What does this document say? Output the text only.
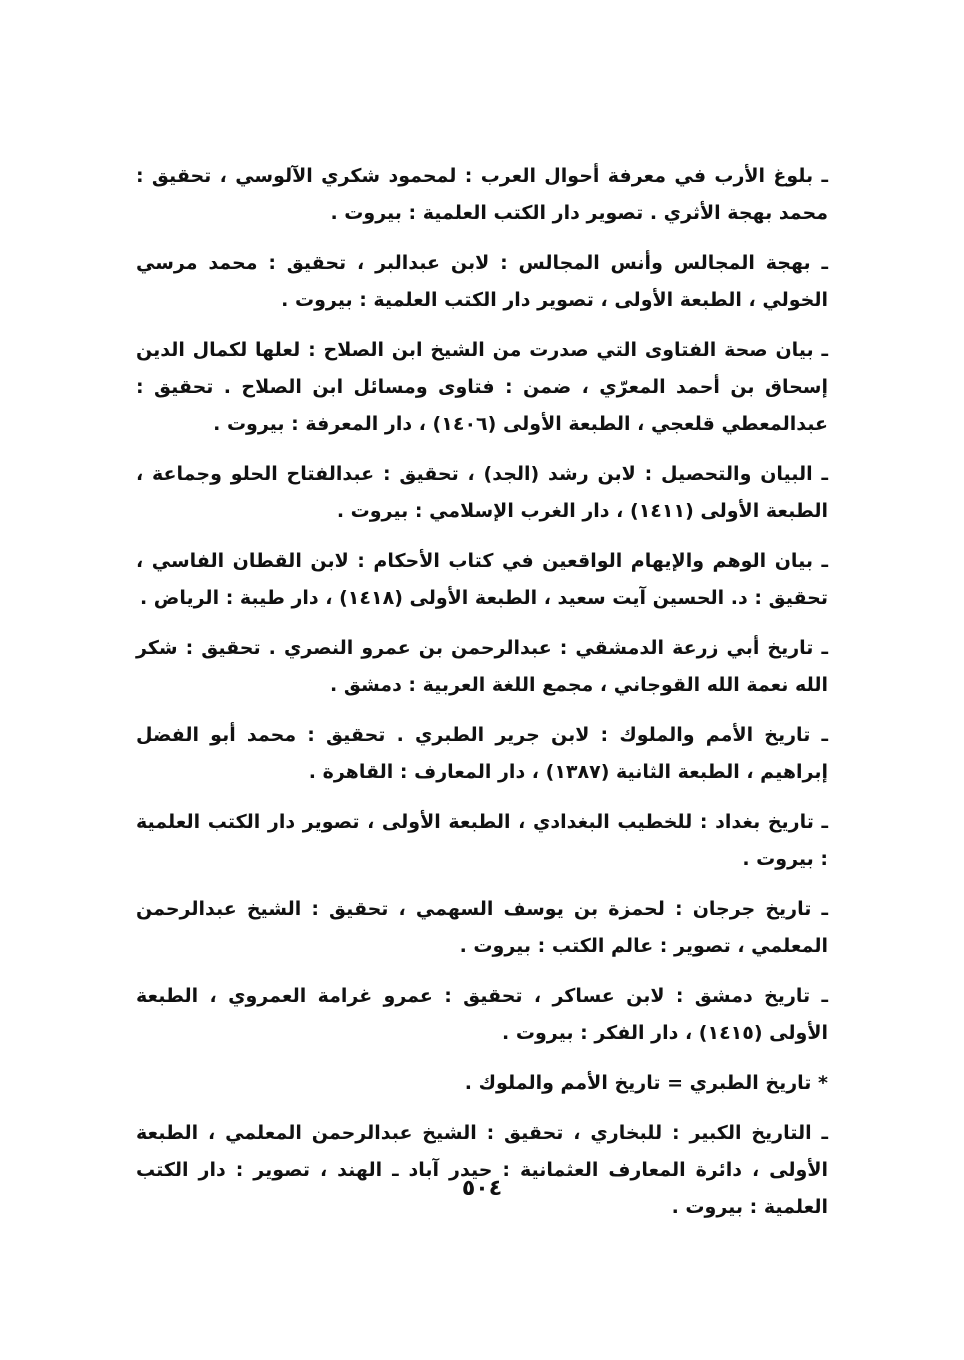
ـ بلوغ الأرب في معرفة أحوال العرب : لمحمود شكري الآلوسي ، تحقيق : محمد بهجة الأثري . تصوير دار الكتب العلمية : بيروت .

ـ بهجة المجالس وأنس المجالس : لابن عبدالبر ، تحقيق : محمد مرسي الخولي ، الطبعة الأولى ، تصوير دار الكتب العلمية : بيروت .

ـ بيان صحة الفتاوى التي صدرت من الشيخ ابن الصلاح : لعلها لكمال الدين إسحاق بن أحمد المعرّي ، ضمن : فتاوى ومسائل ابن الصلاح . تحقيق : عبدالمعطي قلعجي ، الطبعة الأولى (١٤٠٦) ، دار المعرفة : بيروت .

ـ البيان والتحصيل : لابن رشد (الجد) ، تحقيق : عبدالفتاح الحلو وجماعة ، الطبعة الأولى (١٤١١) ، دار الغرب الإسلامي : بيروت .

ـ بيان الوهم والإيهام الواقعين في كتاب الأحكام : لابن القطان الفاسي ، تحقيق : د. الحسين آيت سعيد ، الطبعة الأولى (١٤١٨) ، دار طيبة : الرياض .

ـ تاريخ أبي زرعة الدمشقي : عبدالرحمن بن عمرو النصري . تحقيق : شكر الله نعمة الله القوجاني ، مجمع اللغة العربية : دمشق .

ـ تاريخ الأمم والملوك : لابن جرير الطبري . تحقيق : محمد أبو الفضل إبراهيم ، الطبعة الثانية (١٣٨٧) ، دار المعارف : القاهرة .

ـ تاريخ بغداد : للخطيب البغدادي ، الطبعة الأولى ، تصوير دار الكتب العلمية : بيروت .

ـ تاريخ جرجان : لحمزة بن يوسف السهمي ، تحقيق : الشيخ عبدالرحمن المعلمي ، تصوير : عالم الكتب : بيروت .

ـ تاريخ دمشق : لابن عساكر ، تحقيق : عمرو غرامة العمروي ، الطبعة الأولى (١٤١٥) ، دار الفكر : بيروت .

* تاريخ الطبري = تاريخ الأمم والملوك .

ـ التاريخ الكبير : للبخاري ، تحقيق : الشيخ عبدالرحمن المعلمي ، الطبعة الأولى ، دائرة المعارف العثمانية : حيدر آباد ـ الهند ، تصوير : دار الكتب العلمية : بيروت .

٥٠٤
